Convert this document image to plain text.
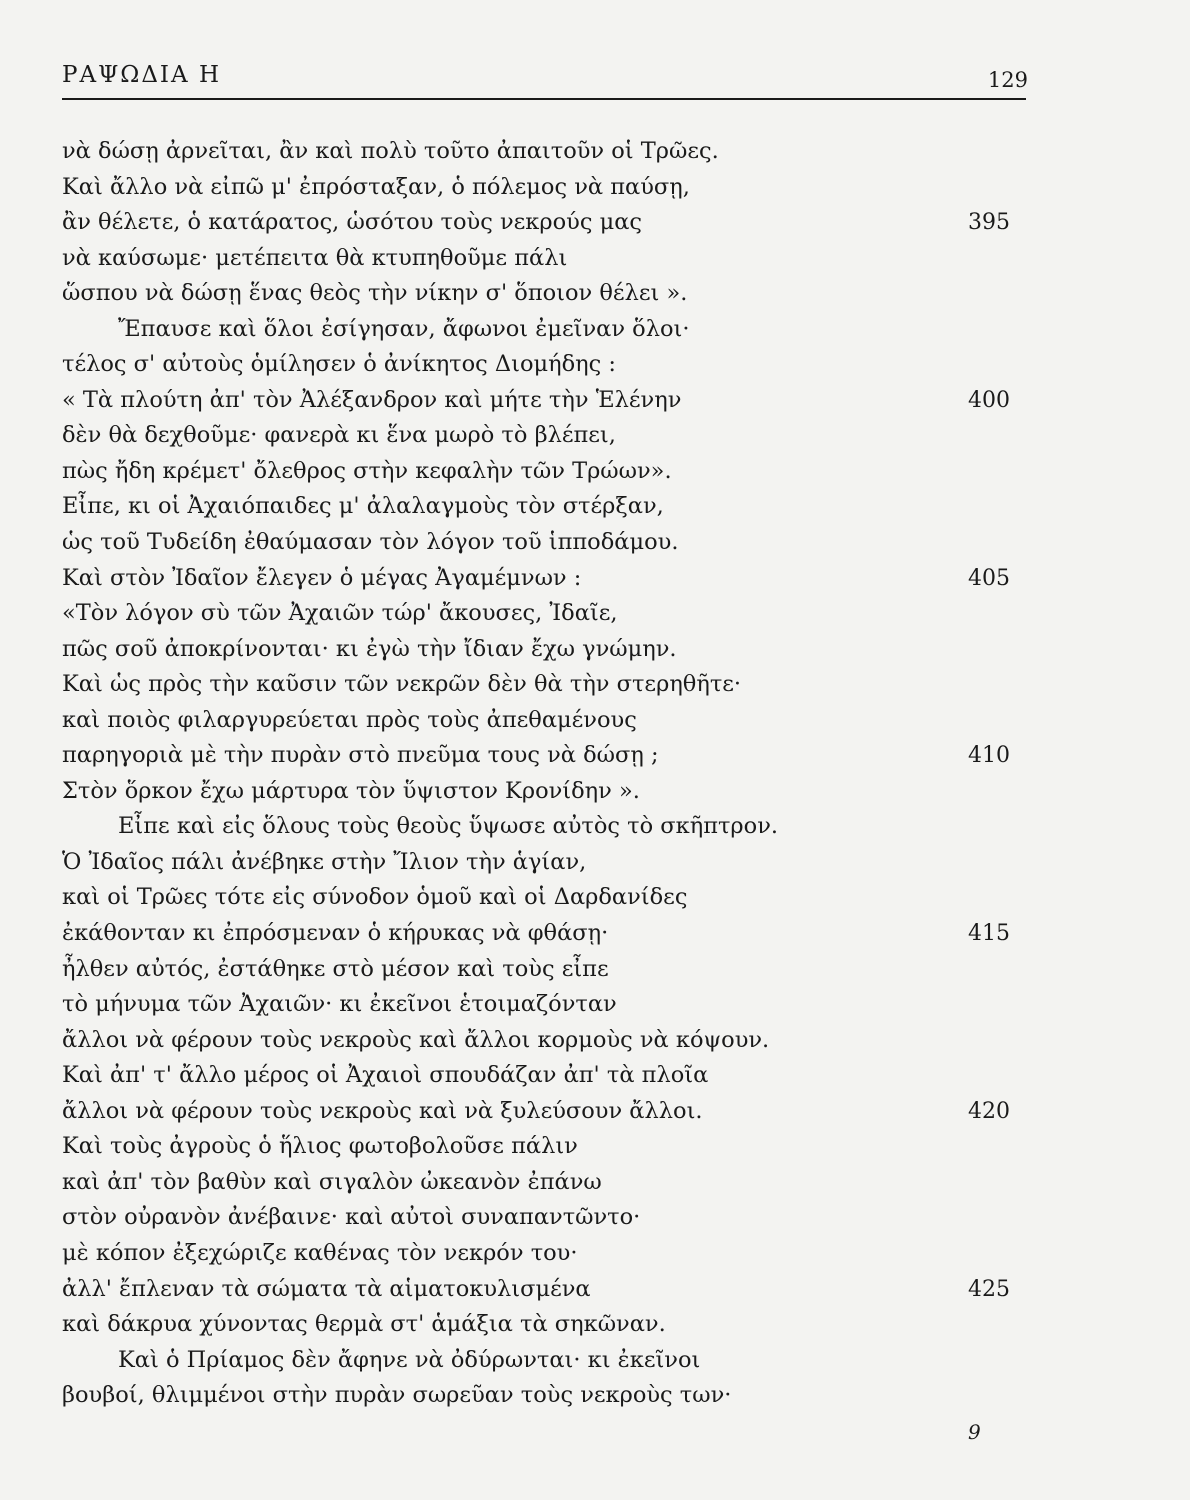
ΡΑΨΩΔΙΑ Η	129
νὰ δώσῃ ἀρνεῖται, ἂν καὶ πολὺ τοῦτο ἀπαιτοῦν οἱ Τρῶες.
Καὶ ἄλλο νὰ εἰπῶ μ' ἐπρόσταξαν, ὁ πόλεμος νὰ παύσῃ,
ἂν θέλετε, ὁ κατάρατος, ὡσότου τοὺς νεκρούς μας	395
νὰ καύσωμε· μετέπειτα θὰ κτυπηθοῦμε πάλι
ὥσπου νὰ δώσῃ ἕνας θεὸς τὴν νίκην σ' ὅποιον θέλει ».
Ἔπαυσε καὶ ὅλοι ἐσίγησαν, ἄφωνοι ἐμεῖναν ὅλοι·
τέλος σ' αὐτοὺς ὁμίλησεν ὁ ἀνίκητος Διομήδης :
« Τὰ πλούτη ἀπ' τὸν Ἀλέξανδρον καὶ μήτε τὴν Ἑλένην	400
δὲν θὰ δεχθοῦμε· φανερὰ κι ἕνα μωρὸ τὸ βλέπει,
πὼς ἤδη κρέμετ' ὄλεθρος στὴν κεφαλὴν τῶν Τρώων».
Εἶπε, κι οἱ Ἀχαιόπαιδες μ' ἀλαλαγμοὺς τὸν στέρξαν,
ὡς τοῦ Τυδείδη ἐθαύμασαν τὸν λόγον τοῦ ἱπποδάμου.
Καὶ στὸν Ἰδαῖον ἔλεγεν ὁ μέγας Ἀγαμέμνων :	405
«Τὸν λόγον σὺ τῶν Ἀχαιῶν τώρ' ἄκουσες, Ἰδαῖε,
πῶς σοῦ ἀποκρίνονται· κι ἐγὼ τὴν ἴδιαν ἔχω γνώμην.
Καὶ ὡς πρὸς τὴν καῦσιν τῶν νεκρῶν δὲν θὰ τὴν στερηθῆτε·
καὶ ποιὸς φιλαργυρεύεται πρὸς τοὺς ἀπεθαμένους
παρηγοριὰ μὲ τὴν πυρὰν στὸ πνεῦμα τους νὰ δώσῃ ;	410
Στὸν ὅρκον ἔχω μάρτυρα τὸν ὕψιστον Κρονίδην ».
Εἶπε καὶ εἰς ὅλους τοὺς θεοὺς ὕψωσε αὐτὸς τὸ σκῆπτρον.
Ὁ Ἰδαῖος πάλι ἀνέβηκε στὴν Ἴλιον τὴν ἁγίαν,
καὶ οἱ Τρῶες τότε εἰς σύνοδον ὁμοῦ καὶ οἱ Δαρδανίδες
ἐκάθονταν κι ἐπρόσμεναν ὁ κήρυκας νὰ φθάσῃ·	415
ἦλθεν αὐτός, ἐστάθηκε στὸ μέσον καὶ τοὺς εἶπε
τὸ μήνυμα τῶν Ἀχαιῶν· κι ἐκεῖνοι ἑτοιμαζόνταν
ἄλλοι νὰ φέρουν τοὺς νεκροὺς καὶ ἄλλοι κορμοὺς νὰ κόψουν.
Καὶ ἀπ' τ' ἄλλο μέρος οἱ Ἀχαιοὶ σπουδάζαν ἀπ' τὰ πλοῖα
ἄλλοι νὰ φέρουν τοὺς νεκροὺς καὶ νὰ ξυλεύσουν ἄλλοι.	420
Καὶ τοὺς ἀγροὺς ὁ ἥλιος φωτοβολοῦσε πάλιν
καὶ ἀπ' τὸν βαθὺν καὶ σιγαλὸν ὠκεανὸν ἐπάνω
στὸν οὐρανὸν ἀνέβαινε· καὶ αὐτοὶ συναπαντῶντο·
μὲ κόπον ἐξεχώριζε καθένας τὸν νεκρόν του·
ἀλλ' ἔπλεναν τὰ σώματα τὰ αἱματοκυλισμένα	425
καὶ δάκρυα χύνοντας θερμὰ στ' ἁμάξια τὰ σηκῶναν.
Καὶ ὁ Πρίαμος δὲν ἄφηνε νὰ ὀδύρωνται· κι ἐκεῖνοι
βουβοί, θλιμμένοι στὴν πυρὰν σωρεῦαν τοὺς νεκροὺς των·
9
